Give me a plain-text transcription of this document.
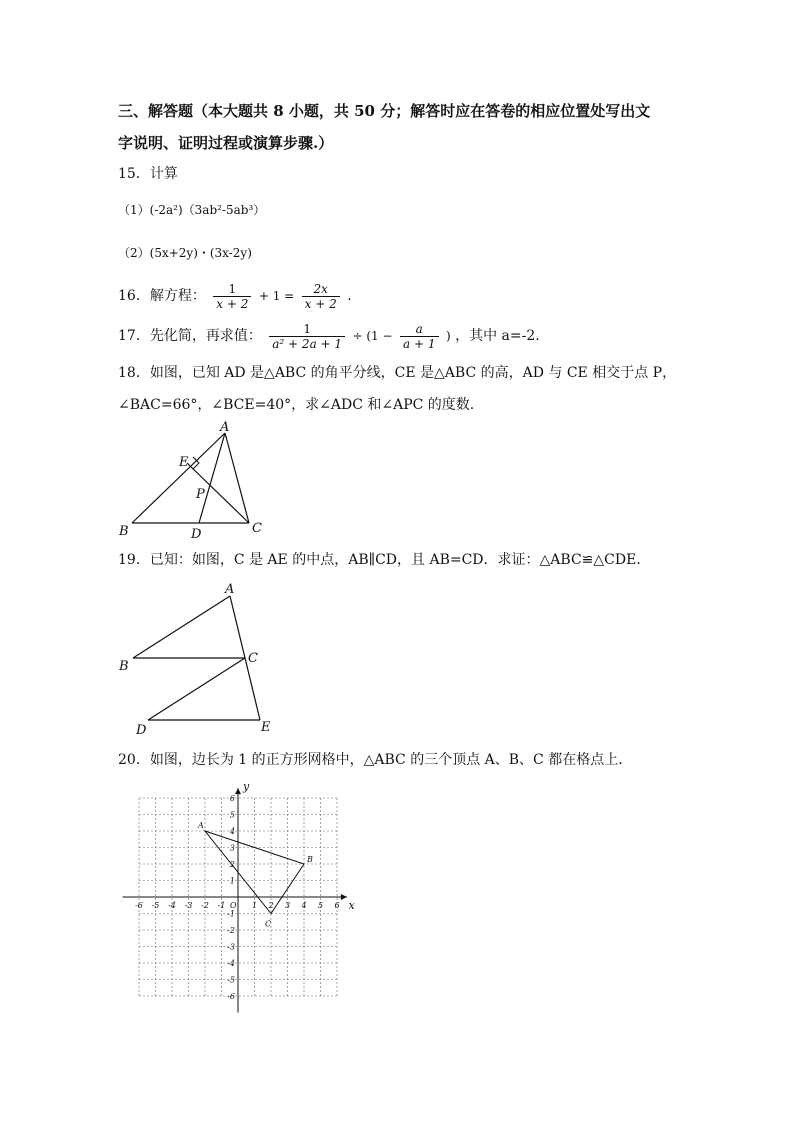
三、解答题（本大题共 8 小题，共 50 分；解答时应在答卷的相应位置处写出文
字说明、证明过程或演算步骤.）
15．计算
（1）(-2a²)（3ab²-5ab³）
（2）(5x+2y)・(3x-2y)
16．解方程： $\frac{1}{x + 2} + 1 = \frac{2x}{x + 2}$ .
17．先化简，再求值： $\frac{1}{\text{a² + 2a + 1}} \div (1 - \frac{a}{a + 1}$ ) ，其中 a=-2.
18．如图，已知 AD 是△ABC 的角平分线，CE 是△ABC 的高，AD 与 CE 相交于点 P，
∠BAC=66°，∠BCE=40°，求∠ADC 和∠APC 的度数.
A
B	C
D
E
P
19．已知：如图，C 是 AE 的中点，AB∥CD，且 AB=CD．求证：△ABC≌△CDE.
A
B
C
D	E
20．如图，边长为 1 的正方形网格中，△ABC 的三个顶点 A、B、C 都在格点上.
-6 -5 -4 -3 -2 -1	1 2 3 4 5 6
6
5
4
3
2
1
-1
-2
-3
-4
-5
-6
A
B
C
x
y
O
